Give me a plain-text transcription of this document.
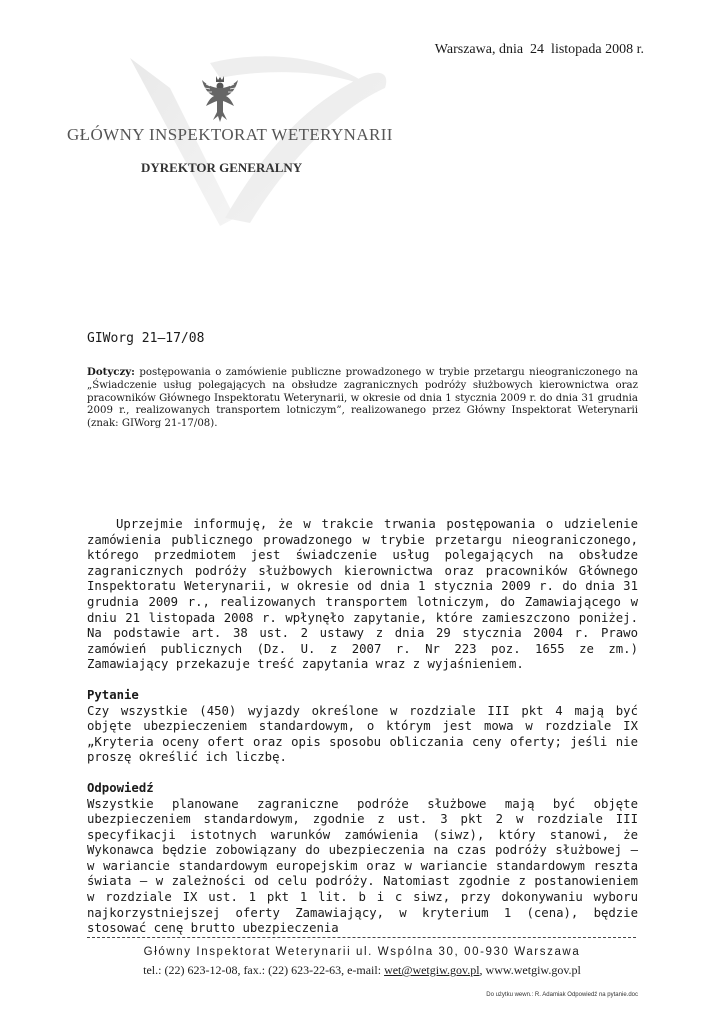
Warszawa, dnia  24  listopada 2008 r.
GŁÓWNY INSPEKTORAT WETERYNARII
DYREKTOR GENERALNY
GIWorg 21–17/08
Dotyczy: postępowania o zamówienie publiczne prowadzonego w trybie przetargu nieograniczonego na „Świadczenie usług polegających na obsłudze zagranicznych podróży służbowych kierownictwa oraz pracowników Głównego Inspektoratu Weterynarii, w okresie od dnia 1 stycznia 2009 r. do dnia 31 grudnia 2009 r., realizowanych transportem lotniczym”, realizowanego przez Główny Inspektorat Weterynarii (znak: GIWorg 21-17/08).

Uprzejmie informuję, że w trakcie trwania postępowania o udzielenie zamówienia publicznego prowadzonego w trybie przetargu nieograniczonego, którego przedmiotem jest świadczenie usług polegających na obsłudze zagranicznych podróży służbowych kierownictwa oraz pracowników Głównego Inspektoratu Weterynarii, w okresie od dnia 1 stycznia 2009 r. do dnia 31 grudnia 2009 r., realizowanych transportem lotniczym, do Zamawiającego w dniu 21 listopada 2008 r. wpłynęło zapytanie, które zamieszczono poniżej. Na podstawie art. 38 ust. 2 ustawy z dnia 29 stycznia 2004 r. Prawo zamówień publicznych (Dz. U. z 2007 r. Nr 223 poz. 1655 ze zm.) Zamawiający przekazuje treść zapytania wraz z wyjaśnieniem.

Pytanie

Czy wszystkie (450) wyjazdy określone w rozdziale III pkt 4 mają być objęte ubezpieczeniem standardowym, o którym jest mowa w rozdziale IX „Kryteria oceny ofert oraz opis sposobu obliczania ceny oferty; jeśli nie proszę określić ich liczbę.

Odpowiedź

Wszystkie planowane zagraniczne podróże służbowe mają być objęte ubezpieczeniem standardowym, zgodnie z ust. 3 pkt 2 w rozdziale III specyfikacji istotnych warunków zamówienia (siwz), który stanowi, że Wykonawca będzie zobowiązany do ubezpieczenia na czas podróży służbowej – w wariancie standardowym europejskim oraz w wariancie standardowym reszta świata – w zależności od celu podróży. Natomiast zgodnie z postanowieniem w rozdziale IX ust. 1 pkt 1 lit. b i c siwz, przy dokonywaniu wyboru najkorzystniejszej oferty Zamawiający, w kryterium 1 (cena), będzie stosować cenę brutto ubezpieczenia

Główny Inspektorat Weterynarii ul. Wspólna 30, 00-930 Warszawa
tel.: (22) 623-12-08, fax.: (22) 623-22-63, e-mail: wet@wetgiw.gov.pl, www.wetgiw.gov.pl
Do użytku wewn.: R. Adamiak Odpowiedź na pytanie.doc
